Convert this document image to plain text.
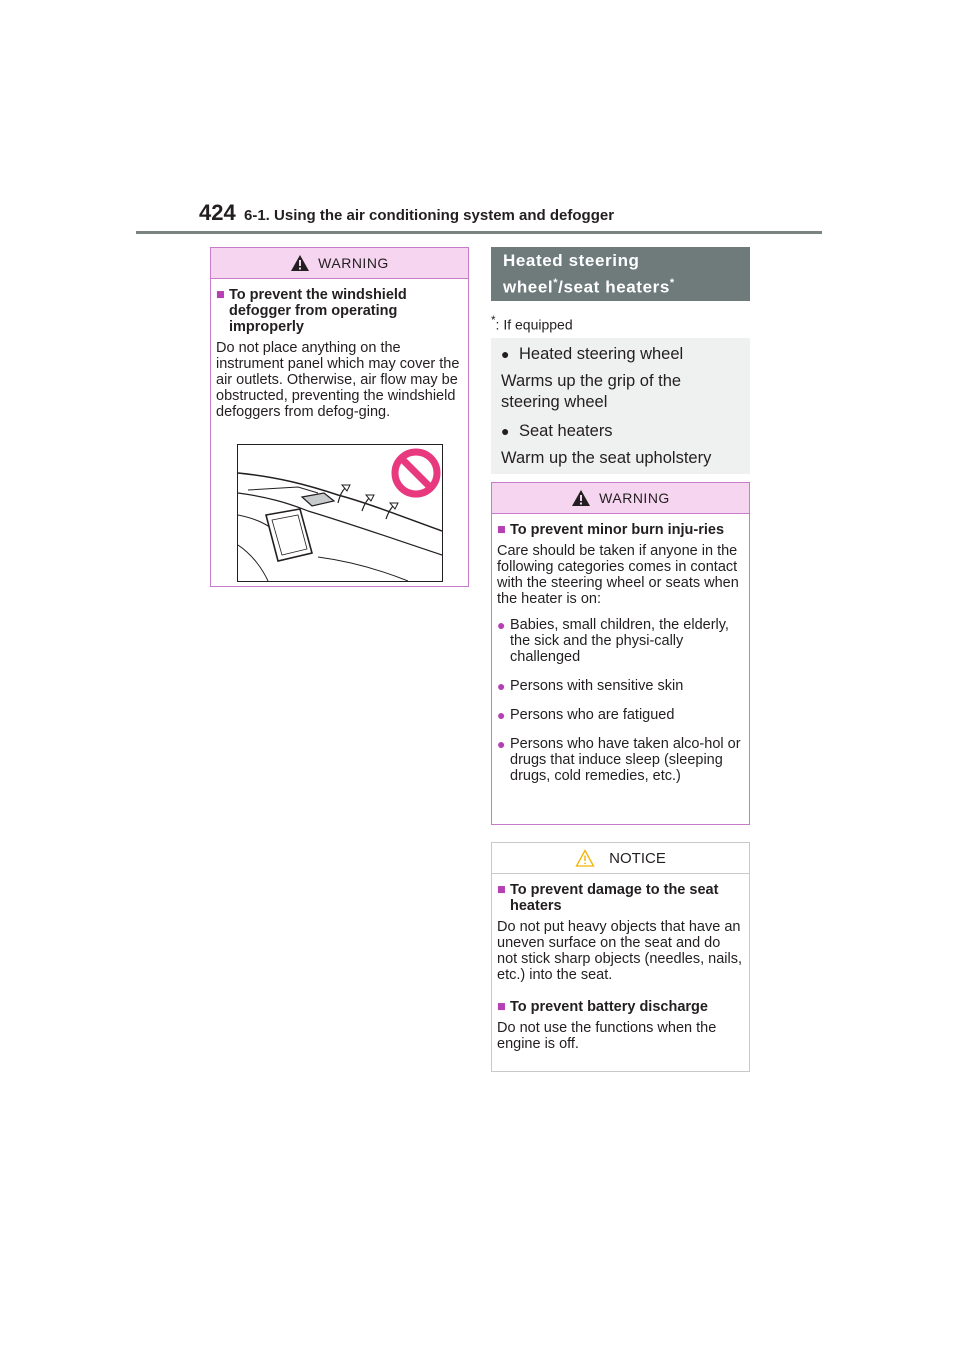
424 6-1. Using the air conditioning system and defogger
WARNING
■ To prevent the windshield defogger from operating improperly

Do not place anything on the instrument panel which may cover the air outlets. Otherwise, air flow may be obstructed, preventing the windshield defoggers from defog-ging.

Heated steering wheel*/seat heaters*
*: If equipped
● Heated steering wheel
Warms up the grip of the steering wheel
● Seat heaters
Warm up the seat upholstery
WARNING
■ To prevent minor burn inju-ries

Care should be taken if anyone in the following categories comes in contact with the steering wheel or seats when the heater is on:

● Babies, small children, the elderly, the sick and the physi-cally challenged
● Persons with sensitive skin
● Persons who are fatigued
● Persons who have taken alco-hol or drugs that induce sleep (sleeping drugs, cold remedies, etc.)
NOTICE
■ To prevent damage to the seat heaters

Do not put heavy objects that have an uneven surface on the seat and do not stick sharp objects (needles, nails, etc.) into the seat.

■ To prevent battery discharge

Do not use the functions when the engine is off.
